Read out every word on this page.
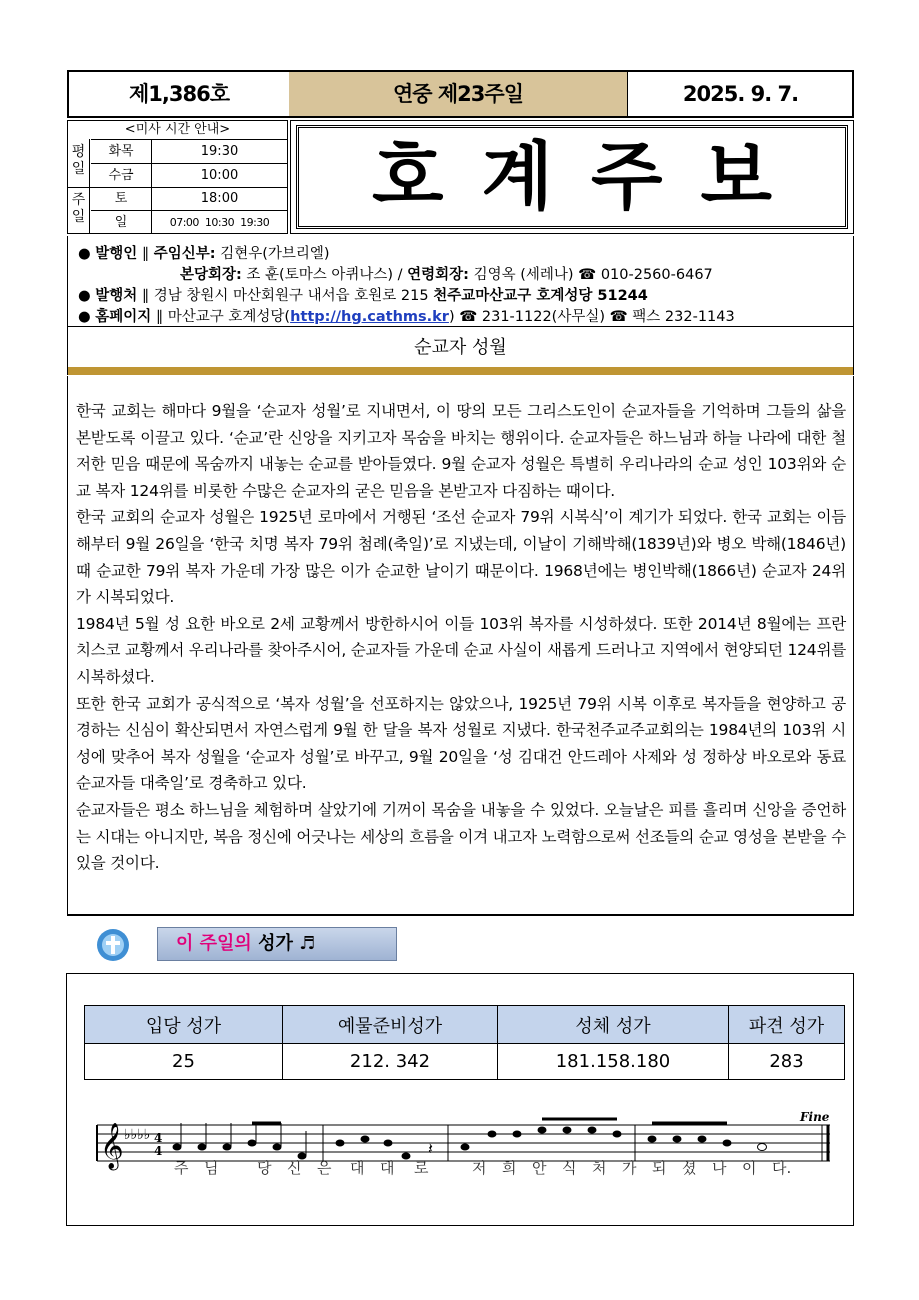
제1,386호	연중 제23주일	2025. 9. 7.
<미사 시간 안내>
평일
주일
화목	19:30
수금	10:00
토	18:00
일	07:00  10:30  19:30
호계주보
● 발행인 ∥ 주임신부: 김현우(가브리엘)
본당회장: 조 훈(토마스 아퀴나스) / 연령회장: 김영옥 (세레나) ☎ 010-2560-6467
● 발행처 ∥ 경남 창원시 마산회원구 내서읍 호원로 215 천주교마산교구 호계성당 51244
● 홈페이지 ∥ 마산교구 호계성당(http://hg.cathms.kr) ☎ 231-1122(사무실) ☎ 팩스 232-1143
순교자 성월

한국 교회는 해마다 9월을 ‘순교자 성월’로 지내면서, 이 땅의 모든 그리스도인이 순교자들을 기억하며 그들의 삶을 본받도록 이끌고 있다. ‘순교’란 신앙을 지키고자 목숨을 바치는 행위이다. 순교자들은 하느님과 하늘 나라에 대한 철저한 믿음 때문에 목숨까지 내놓는 순교를 받아들였다. 9월 순교자 성월은 특별히 우리나라의 순교 성인 103위와 순교 복자 124위를 비롯한 수많은 순교자의 굳은 믿음을 본받고자 다짐하는 때이다.

한국 교회의 순교자 성월은 1925년 로마에서 거행된 ‘조선 순교자 79위 시복식’이 계기가 되었다. 한국 교회는 이듬해부터 9월 26일을 ‘한국 치명 복자 79위 첨례(축일)’로 지냈는데, 이날이 기해박해(1839년)와 병오 박해(1846년) 때 순교한 79위 복자 가운데 가장 많은 이가 순교한 날이기 때문이다. 1968년에는 병인박해(1866년) 순교자 24위가 시복되었다.

1984년 5월 성 요한 바오로 2세 교황께서 방한하시어 이들 103위 복자를 시성하셨다. 또한 2014년 8월에는 프란치스코 교황께서 우리나라를 찾아주시어, 순교자들 가운데 순교 사실이 새롭게 드러나고 지역에서 현양되던 124위를 시복하셨다.

또한 한국 교회가 공식적으로 ‘복자 성월’을 선포하지는 않았으나, 1925년 79위 시복 이후로 복자들을 현양하고 공경하는 신심이 확산되면서 자연스럽게 9월 한 달을 복자 성월로 지냈다. 한국천주교주교회의는 1984년의 103위 시성에 맞추어 복자 성월을 ‘순교자 성월’로 바꾸고, 9월 20일을 ‘성 김대건 안드레아 사제와 성 정하상 바오로와 동료 순교자들 대축일’로 경축하고 있다.

순교자들은 평소 하느님을 체험하며 살았기에 기꺼이 목숨을 내놓을 수 있었다. 오늘날은 피를 흘리며 신앙을 증언하는 시대는 아니지만, 복음 정신에 어긋나는 세상의 흐름을 이겨 내고자 노력함으로써 선조들의 순교 영성을 본받을 수 있을 것이다.

이 주일의 성가 ♬
입당 성가	예물준비성가	성체 성가	파견 성가
25	212. 342	181.158.180	283
𝄞 ♭♭♭♭ 4
4
Fine
𝄽
주 님	당 신 은 대 대 로	저 희 안 식 처 가 되 셨 나 이 다.
